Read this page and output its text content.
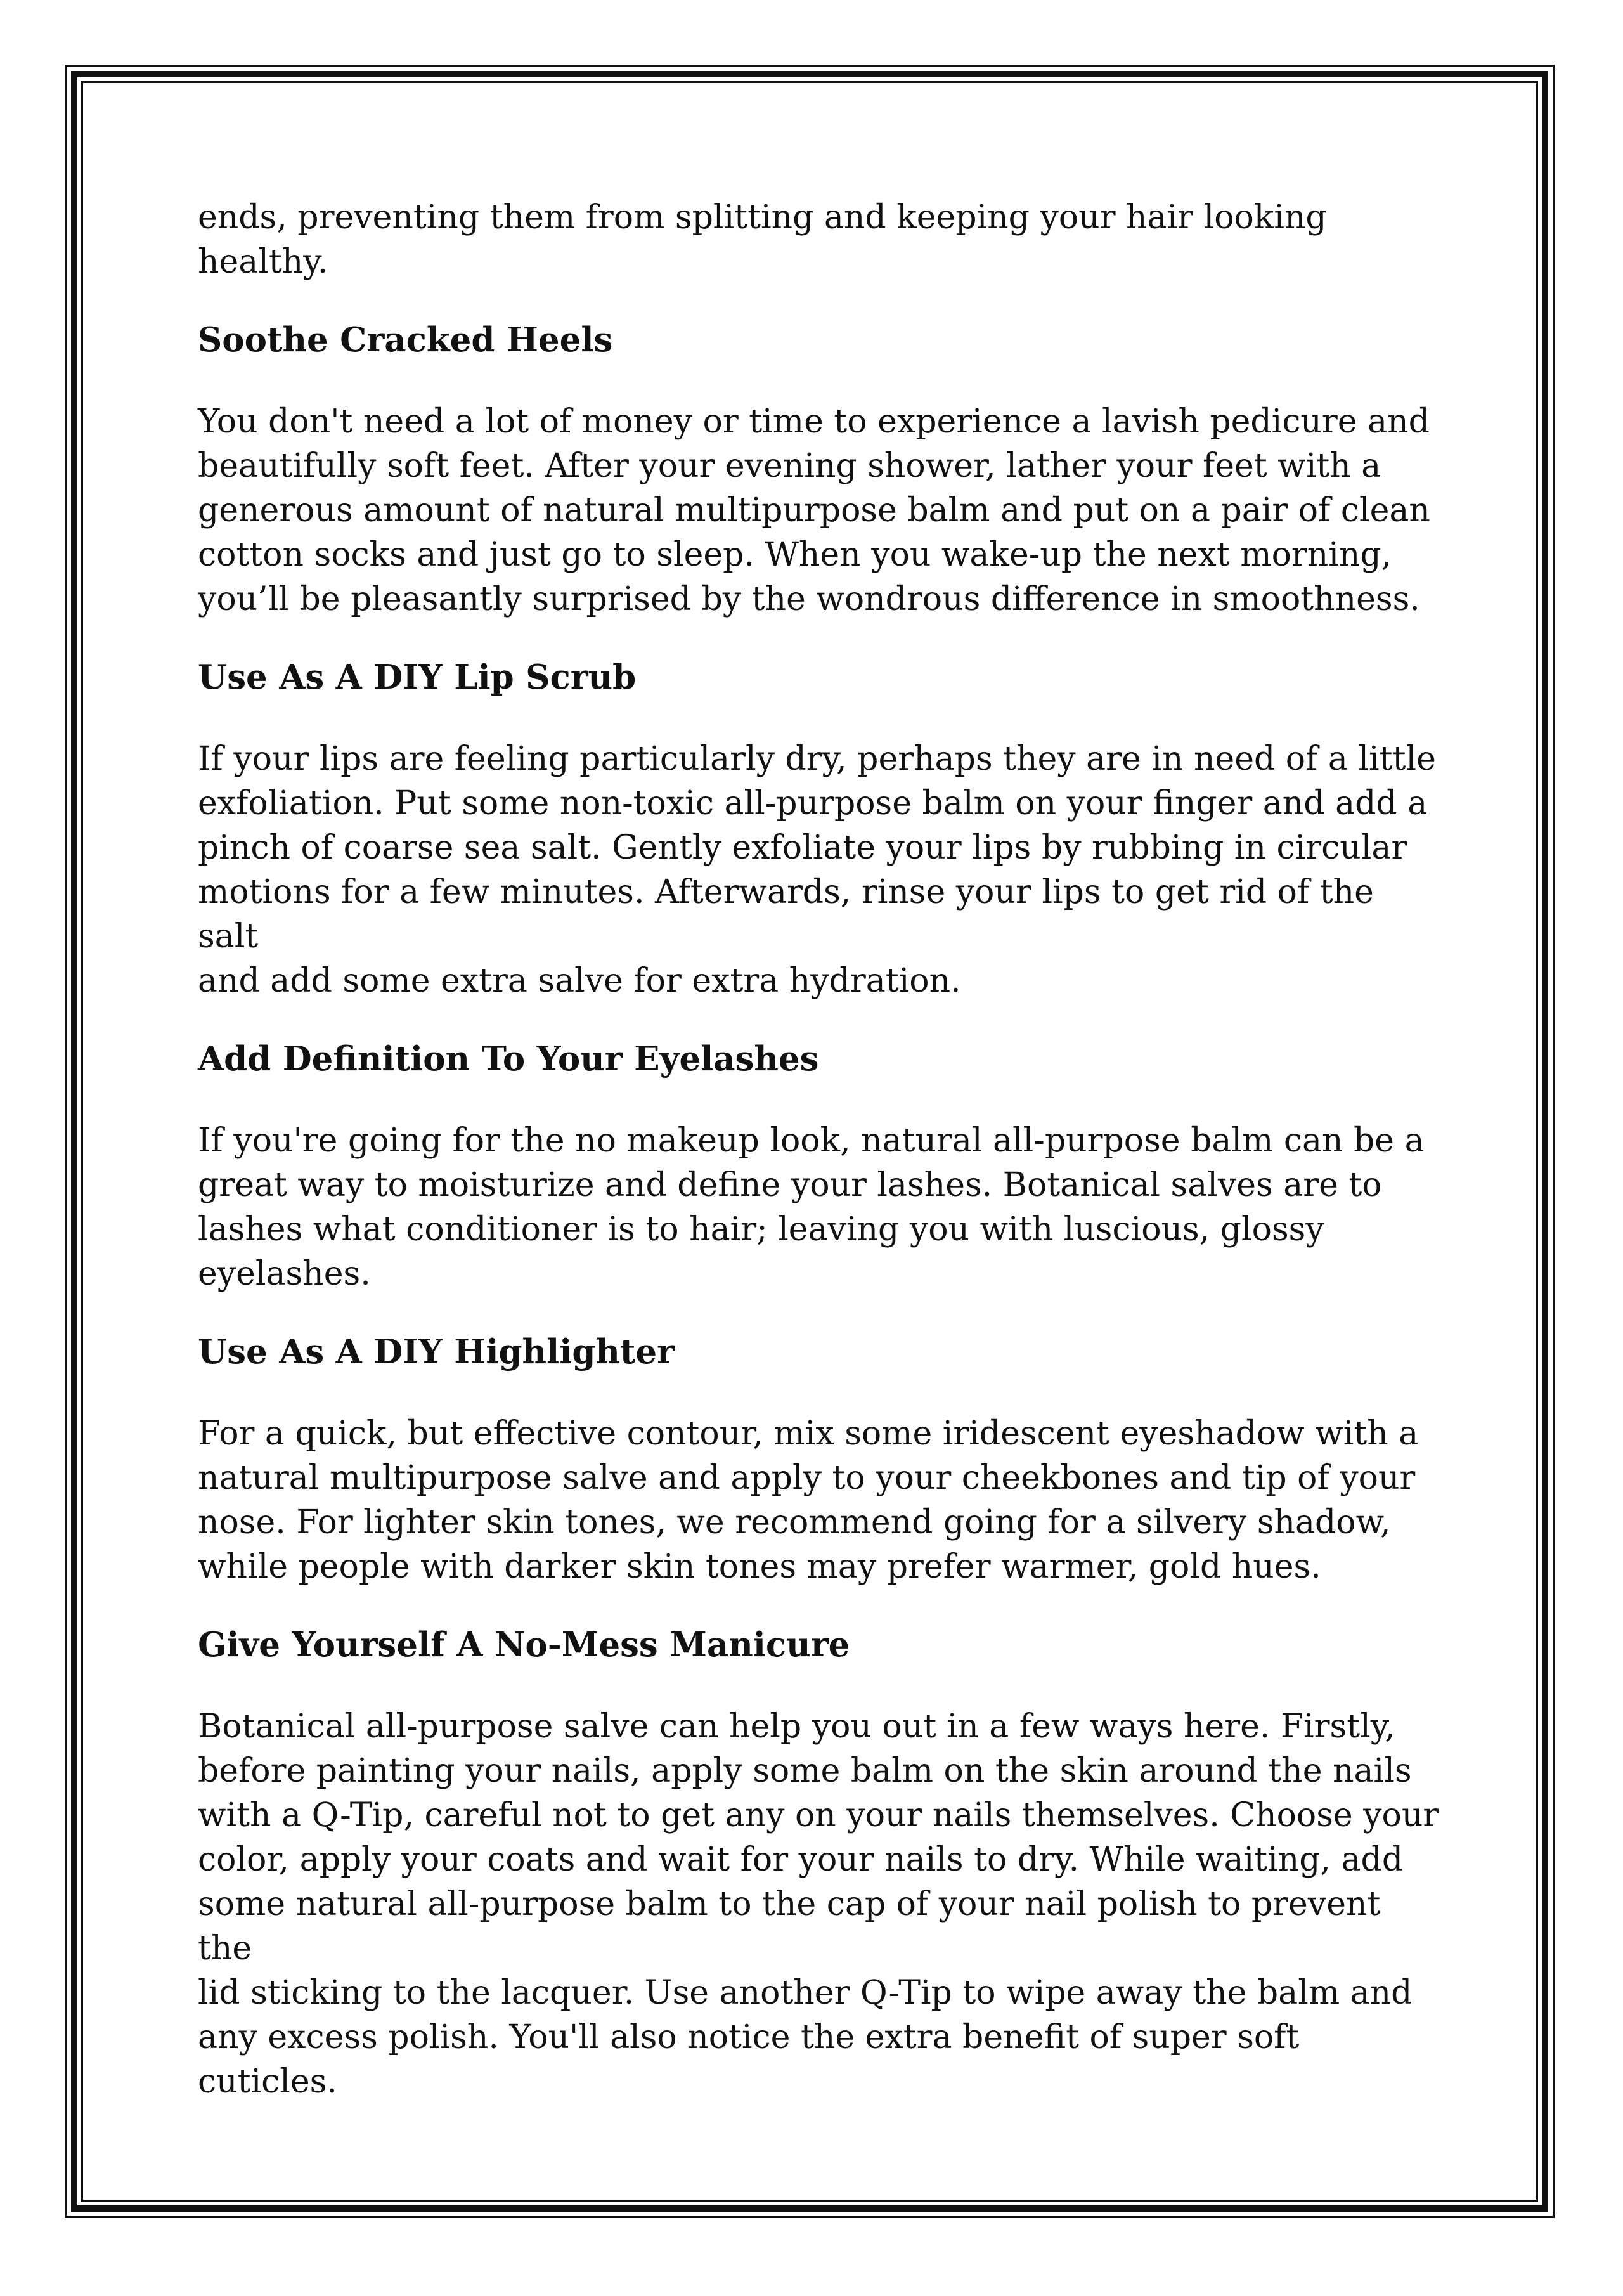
ends, preventing them from splitting and keeping your hair looking
healthy.

Soothe Cracked Heels

You don't need a lot of money or time to experience a lavish pedicure and
beautifully soft feet. After your evening shower, lather your feet with a
generous amount of natural multipurpose balm and put on a pair of clean
cotton socks and just go to sleep. When you wake-up the next morning,
you’ll be pleasantly surprised by the wondrous difference in smoothness.

Use As A DIY Lip Scrub

If your lips are feeling particularly dry, perhaps they are in need of a little
exfoliation. Put some non-toxic all-purpose balm on your finger and add a
pinch of coarse sea salt. Gently exfoliate your lips by rubbing in circular
motions for a few minutes. Afterwards, rinse your lips to get rid of the salt
and add some extra salve for extra hydration.

Add Definition To Your Eyelashes

If you're going for the no makeup look, natural all-purpose balm can be a
great way to moisturize and define your lashes. Botanical salves are to
lashes what conditioner is to hair; leaving you with luscious, glossy
eyelashes.

Use As A DIY Highlighter

For a quick, but effective contour, mix some iridescent eyeshadow with a
natural multipurpose salve and apply to your cheekbones and tip of your
nose. For lighter skin tones, we recommend going for a silvery shadow,
while people with darker skin tones may prefer warmer, gold hues.

Give Yourself A No-Mess Manicure

Botanical all-purpose salve can help you out in a few ways here. Firstly,
before painting your nails, apply some balm on the skin around the nails
with a Q-Tip, careful not to get any on your nails themselves. Choose your
color, apply your coats and wait for your nails to dry. While waiting, add
some natural all-purpose balm to the cap of your nail polish to prevent the
lid sticking to the lacquer. Use another Q-Tip to wipe away the balm and
any excess polish. You'll also notice the extra benefit of super soft cuticles.
